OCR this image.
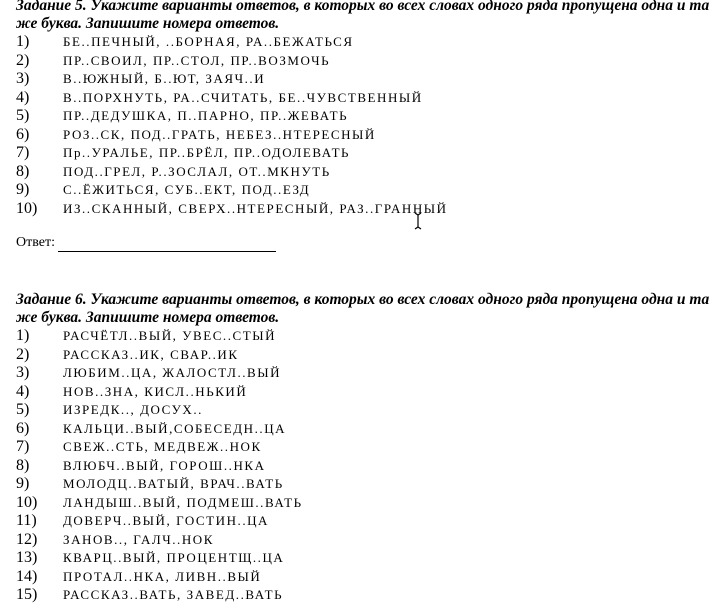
Задание 5. Укажите варианты ответов, в которых во всех словах одного ряда пропущена одна и та же буква. Запишите номера ответов.

1)	БЕ..ПЕЧНЫЙ, ..БОРНАЯ, РА..БЕЖАТЬСЯ
2)	ПР..СВОИЛ, ПР..СТОЛ, ПР..ВОЗМОЧЬ
3)	В..ЮЖНЫЙ, Б..ЮТ, ЗАЯЧ..И
4)	В..ПОРХНУТЬ, РА..СЧИТАТЬ, БЕ..ЧУВСТВЕННЫЙ
5)	ПР..ДЕДУШКА, П..ПАРНО, ПР..ЖЕВАТЬ
6)	РОЗ..СК, ПОД..ГРАТЬ, НЕБЕЗ..НТЕРЕСНЫЙ
7)	Пр..УРАЛЬЕ, ПР..БРЁЛ, ПР..ОДОЛЕВАТЬ
8)	ПОД..ГРЕЛ, Р..ЗОСЛАЛ, ОТ..МКНУТЬ
9)	С..ЁЖИТЬСЯ, СУБ..ЕКТ, ПОД..ЕЗД
10)	ИЗ..СКАННЫЙ, СВЕРХ..НТЕРЕСНЫЙ, РАЗ..ГРАННЫЙ
Ответ:

Задание 6. Укажите варианты ответов, в которых во всех словах одного ряда пропущена одна и та же буква. Запишите номера ответов.

1)	РАСЧЁТЛ..ВЫЙ, УВЕС..СТЫЙ
2)	РАССКАЗ..ИК, СВАР..ИК
3)	ЛЮБИМ..ЦА, ЖАЛОСТЛ..ВЫЙ
4)	НОВ..ЗНА, КИСЛ..НЬКИЙ
5)	ИЗРЕДК.., ДОСУХ..
6)	КАЛЬЦИ..ВЫЙ,СОБЕСЕДН..ЦА
7)	СВЕЖ..СТЬ, МЕДВЕЖ..НОК
8)	ВЛЮБЧ..ВЫЙ, ГОРОШ..НКА
9)	МОЛОДЦ..ВАТЫЙ, ВРАЧ..ВАТЬ
10)	ЛАНДЫШ..ВЫЙ, ПОДМЕШ..ВАТЬ
11)	ДОВЕРЧ..ВЫЙ, ГОСТИН..ЦА
12)	ЗАНОВ.., ГАЛЧ..НОК
13)	КВАРЦ..ВЫЙ, ПРОЦЕНТЩ..ЦА
14)	ПРОТАЛ..НКА, ЛИВН..ВЫЙ
15)	РАССКАЗ..ВАТЬ, ЗАВЕД..ВАТЬ
